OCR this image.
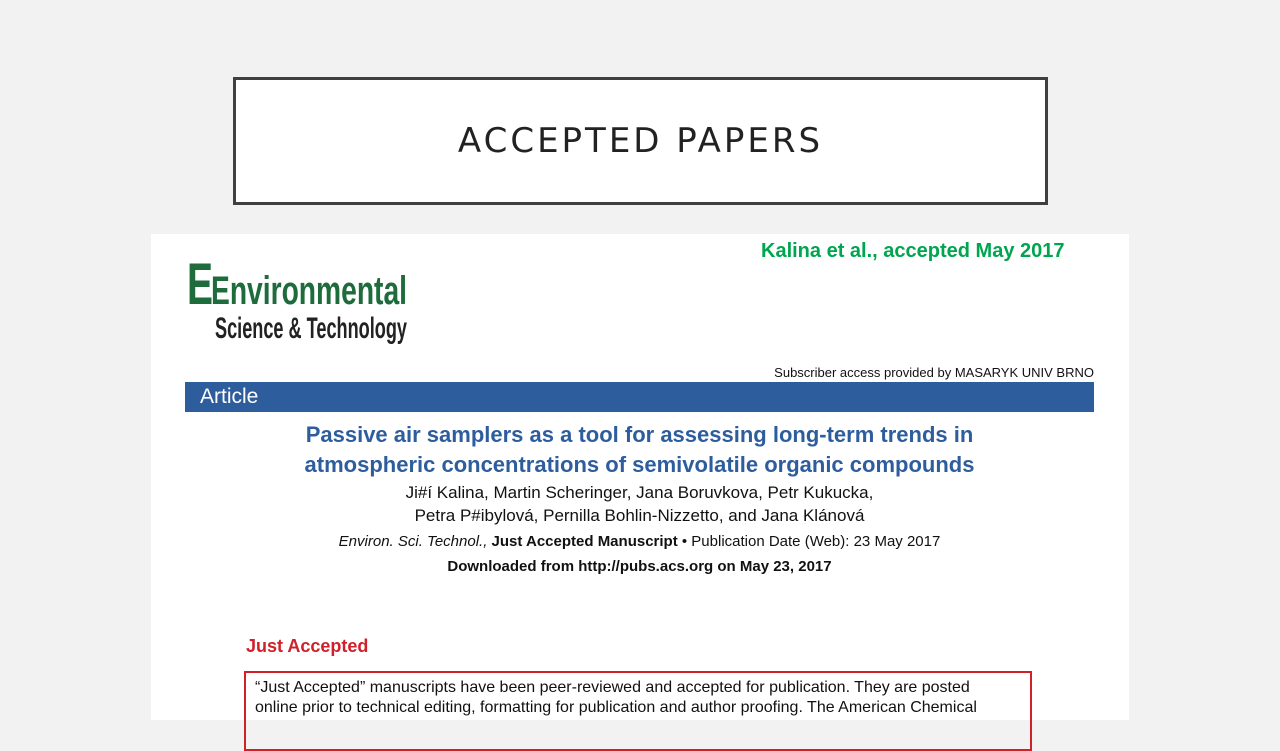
ACCEPTED PAPERS
Kalina et al., accepted May 2017
E
Environmental
Science & Technology
Subscriber access provided by MASARYK UNIV BRNO
Article
Passive air samplers as a tool for assessing long-term trends in
atmospheric concentrations of semivolatile organic compounds
Ji#í Kalina, Martin Scheringer, Jana Boruvkova, Petr Kukucka,
Petra P#ibylová, Pernilla Bohlin-Nizzetto, and Jana Klánová
Environ. Sci. Technol., Just Accepted Manuscript • Publication Date (Web): 23 May 2017
Downloaded from http://pubs.acs.org on May 23, 2017
Just Accepted
“Just Accepted” manuscripts have been peer-reviewed and accepted for publication. They are posted
online prior to technical editing, formatting for publication and author proofing. The American Chemical
